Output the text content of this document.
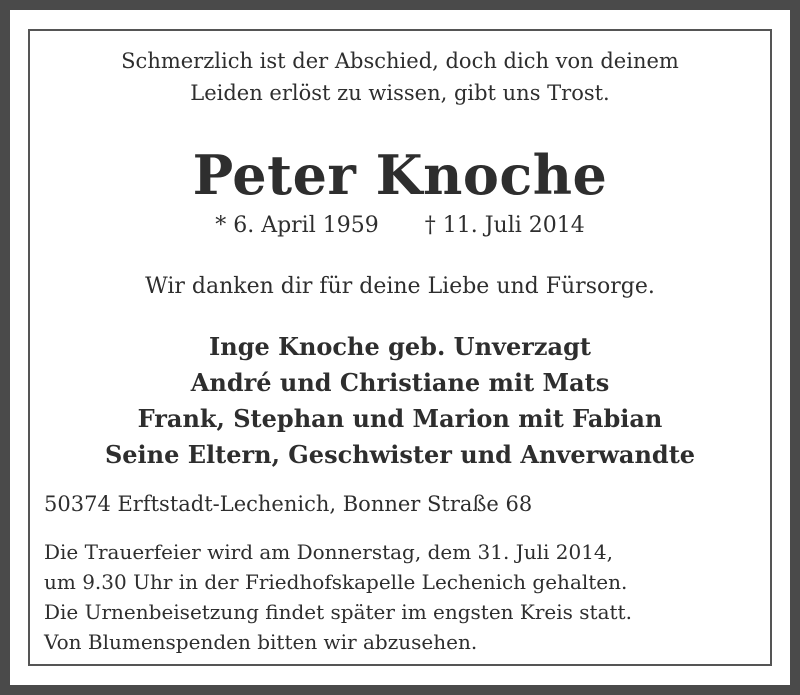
Schmerzlich ist der Abschied, doch dich von deinem
Leiden erlöst zu wissen, gibt uns Trost.
Peter Knoche
* 6. April 1959 † 11. Juli 2014
Wir danken dir für deine Liebe und Fürsorge.
Inge Knoche geb. Unverzagt
André und Christiane mit Mats
Frank, Stephan und Marion mit Fabian
Seine Eltern, Geschwister und Anverwandte
50374 Erftstadt-Lechenich, Bonner Straße 68
Die Trauerfeier wird am Donnerstag, dem 31. Juli 2014,
um 9.30 Uhr in der Friedhofskapelle Lechenich gehalten.
Die Urnenbeisetzung findet später im engsten Kreis statt.
Von Blumenspenden bitten wir abzusehen.
